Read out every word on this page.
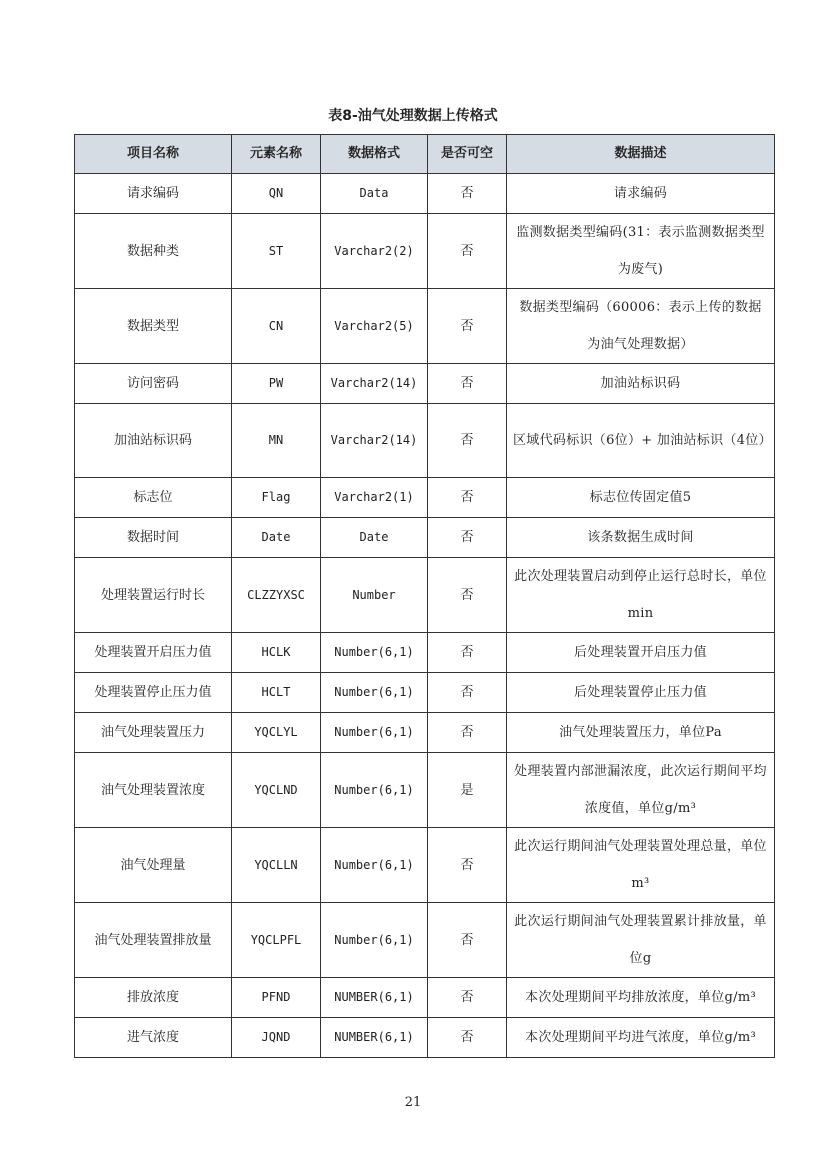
表8-油气处理数据上传格式
项目名称	元素名称	数据格式	是否可空	数据描述
请求编码	QN	Data	否	请求编码
数据种类	ST	Varchar2(2)	否	监测数据类型编码(31：表示监测数据类型为废气)
数据类型	CN	Varchar2(5)	否	数据类型编码（60006：表示上传的数据为油气处理数据）
访问密码	PW	Varchar2(14)	否	加油站标识码
加油站标识码	MN	Varchar2(14)	否	区域代码标识（6位）+ 加油站标识（4位）
标志位	Flag	Varchar2(1)	否	标志位传固定值5
数据时间	Date	Date	否	该条数据生成时间
处理装置运行时长	CLZZYXSC	Number	否	此次处理装置启动到停止运行总时长，单位min
处理装置开启压力值	HCLK	Number(6,1)	否	后处理装置开启压力值
处理装置停止压力值	HCLT	Number(6,1)	否	后处理装置停止压力值
油气处理装置压力	YQCLYL	Number(6,1)	否	油气处理装置压力，单位Pa
油气处理装置浓度	YQCLND	Number(6,1)	是	处理装置内部泄漏浓度，此次运行期间平均浓度值，单位g/m³
油气处理量	YQCLLN	Number(6,1)	否	此次运行期间油气处理装置处理总量，单位m³
油气处理装置排放量	YQCLPFL	Number(6,1)	否	此次运行期间油气处理装置累计排放量，单位g
排放浓度	PFND	NUMBER(6,1)	否	本次处理期间平均排放浓度，单位g/m³
进气浓度	JQND	NUMBER(6,1)	否	本次处理期间平均进气浓度，单位g/m³
21
